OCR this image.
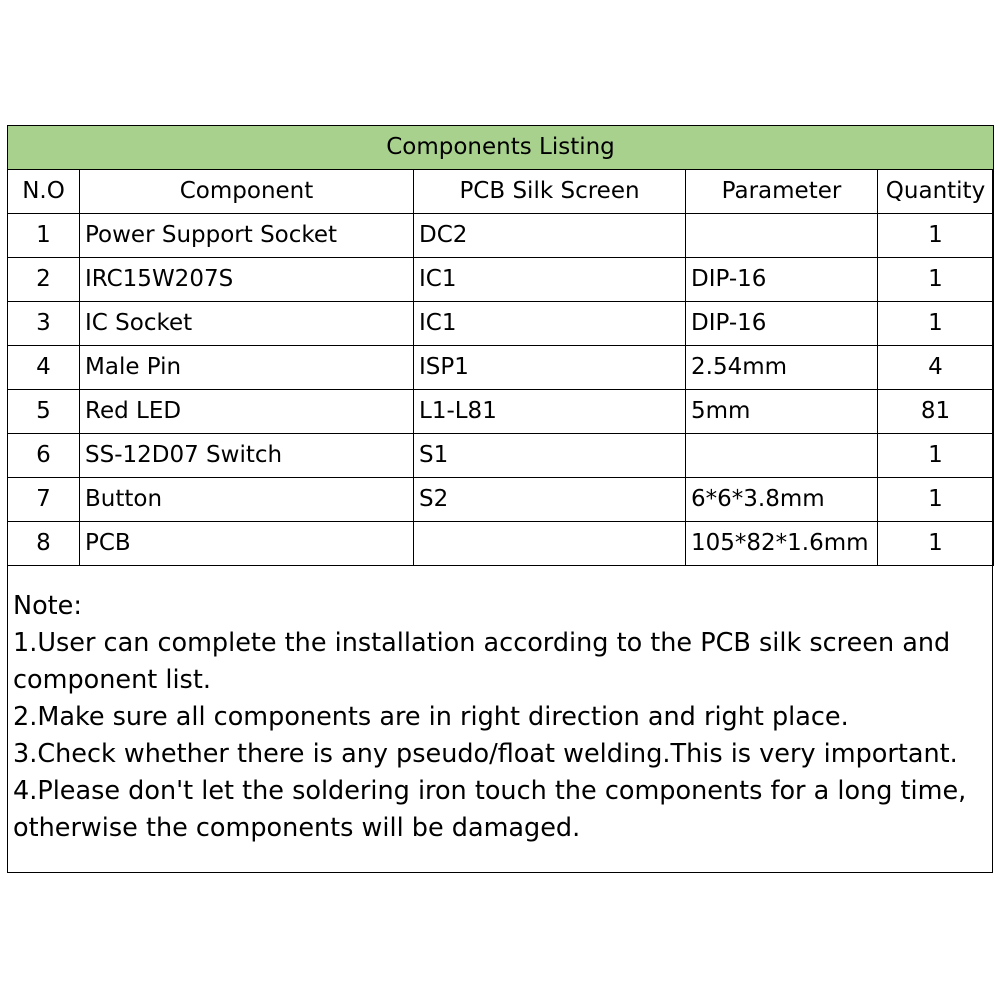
Components Listing				
N.O	Component	PCB Silk Screen	Parameter	Quantity
1	Power Support Socket	DC2		1
2	IRC15W207S	IC1	DIP-16	1
3	IC Socket	IC1	DIP-16	1
4	Male Pin	ISP1	2.54mm	4
5	Red LED	L1-L81	5mm	81
6	SS-12D07 Switch	S1		1
7	Button	S2	6*6*3.8mm	1
8	PCB		105*82*1.6mm	1
Note:
1.User can complete the installation according to the PCB silk screen and
component list.
2.Make sure all components are in right direction and right place.
3.Check whether there is any pseudo/float welding.This is very important.
4.Please don't let the soldering iron touch the components for a long time,
otherwise the components will be damaged.
